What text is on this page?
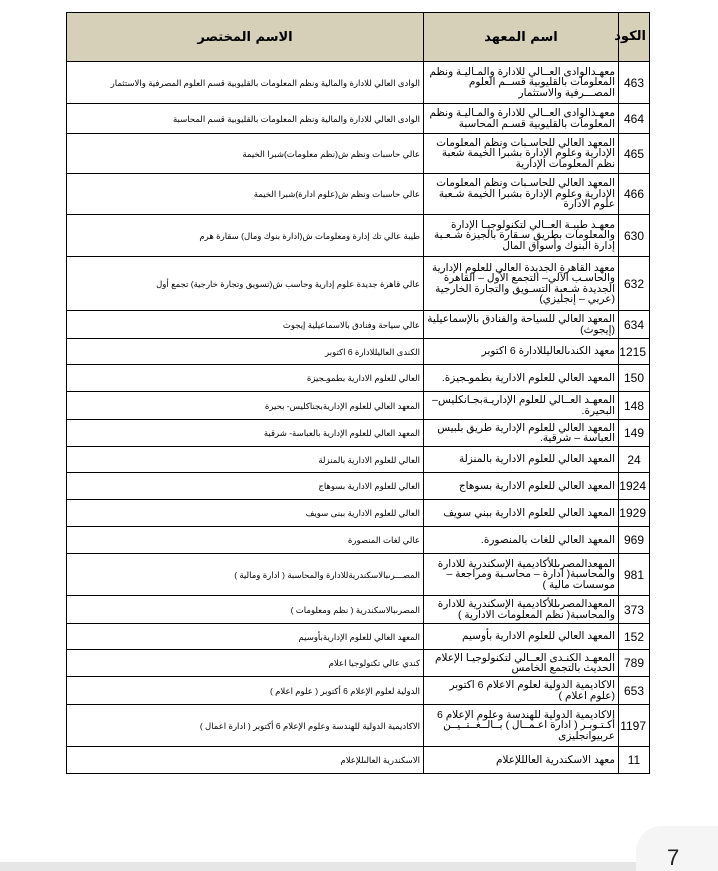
الكود	اسم المعهد	الاسم المختصر
463	معهـدالوادى العــالي للادارة والمـاليـة ونظم المعلومات بالقليوبية قســم العلوم المصـــرفية والاستثمار	الوادى العالي للادارة والمالية ونظم المعلومات بالقليوبية قسم العلوم المصرفية والاستثمار
464	معهـدالوادى العــالي للادارة والمـاليـة ونظم المعلومات بالقليوبية قسـم المحاسبة	الوادى العالي للادارة والمالية ونظم المعلومات بالقليوبية قسم المحاسبة
465	المعهد العالي للحاسـبات ونظم المعلومات الإدارية وعلوم الإدارة بشبرا الخيمة شعبة نظم المعلومات الإدارية	عالي حاسبات ونظم ش(نظم معلومات)شبرا الخيمة
466	المعهد العالي للحاسـبات ونظم المعلومات الإدارية وعلوم الإدارة بشبرا الخيمة شـعبة علوم الادارة	عالي حاسبات ونظم ش(علوم ادارة)شبرا الخيمة
630	معهـد طيبـة العــالي لتكنولوجيـا الإدارة والمعلومات بطريق سـقارة بالجيزة شـعـبة إدارة البنوك وأسواق المال	طيبة عالي تك إدارة ومعلومات ش(ادارة بنوك ومال) سقارة هرم
632	معهد القاهرة الجديدة العالي للعلوم الإدارية والحاسـب الآلي– التجمع الأول – القاهرة الجديدة شـعبة التسـويق والتجارة الخارجية (عربي – إنجليزي)	عالي قاهرة جديدة علوم إدارية وحاسب ش(تسويق وتجارة خارجية) تجمع أول
634	المعهد العالي للسياحة والفنادق بالإسماعيلية (إيجوث)	عالي سياحة وفنادق بالاسماعيلية إيجوث
1215	معهد الكندىالعاليللادارة 6 اكتوبر	الكندى العاليللادارة 6 اكتوبر
150	المعهد العالي للعلوم الادارية بطموـجيزة.	العالي للعلوم الادارية بطموـجيزة
148	المعهـد العــالي للعلوم الإداريـةبجـانكليس– البحيرة.	المعهد العالي للعلوم الإداريةبجناكليس- بحيرة
149	المعهد العالي للعلوم الإدارية طريق بلبيس العباسة – شرقية.	المعهد العالي للعلوم الإدارية بالعباسة- شرقية
24	المعهد العالي للعلوم الادارية بالمنزلة	العالي للعلوم الادارية بالمنزلة
1924	المعهد العالي للعلوم الادارية بسوهاج	العالي للعلوم الادارية بسوهاج
1929	المعهد العالي للعلوم الادارية ببني سويف	العالي للعلوم الادارية ببنى سويف
969	المعهد العالي للغات بالمنصورة.	عالي لغات المنصورة
981	المهعدالمصرىللأكاديمية الإسكندرية للادارة والمحاسبة( ادارة – محاسـبة ومراجعة – موسسات مالية )	المصـــرىبالاسكندريةللادارة والمحاسبة ( ادارة ومالية )
373	المعهدالمصرىللأكاديمية الإسكندرية للادارة والمحاسبة( نظم المعلومات الادارية )	المصرىبالاسكندرية ( نظم ومعلومات )
152	المعهد العالي للعلوم الادارية بأوسيم	المعهد العالي للعلوم الإداريةبأوسيم
789	المعهـد الكنـدى العــالي لتكنولوجيـا الإعلام الحديث بالتجمع الخامس	كندي عالي تكنولوجيا اعلام
653	الاكاديمية الدولية لعلوم الاعلام 6 اكتوبر (علوم اعلام )	الدولية لعلوم الإعلام 6 أكتوبر ( علوم اعلام )
1197	الاكاديمية الدولية للهندسة وعلوم الإعلام 6 أكـتـوبـر ( ادارة اعـمــال ) بــالــغــتــيــن عربيوانجليزى	الاكاديمية الدولية للهندسة وعلوم الإعلام 6 أكتوبر ( ادارة اعمال )
11	معهد الاسكندرية العالللإعلام	الاسكندرية العالىللإعلام
7
